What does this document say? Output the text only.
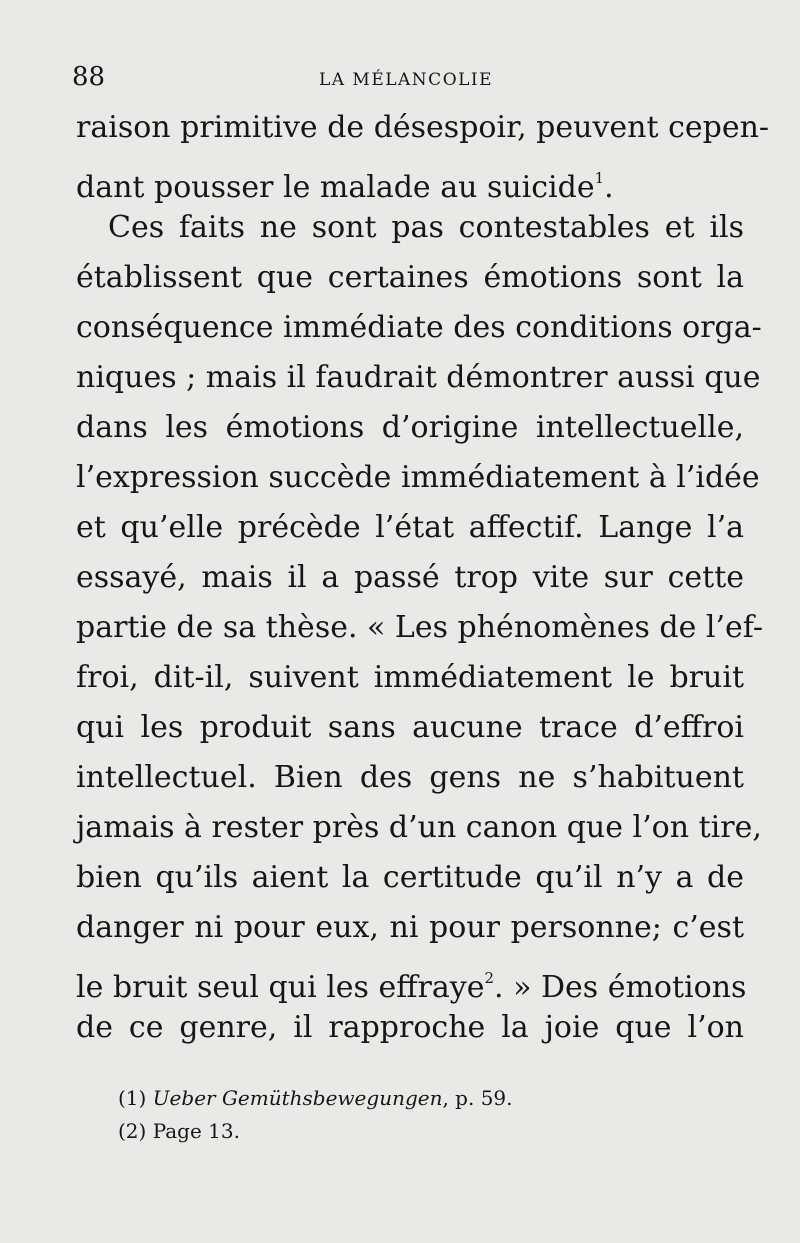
88	LA MÉLANCOLIE
raison primitive de désespoir, peuvent cepen-
dant pousser le malade au suicide$^1$.
Ces faits ne sont pas contestables et ils
établissent que certaines émotions sont la
conséquence immédiate des conditions orga-
niques ; mais il faudrait démontrer aussi que
dans les émotions d’origine intellectuelle,
l’expression succède immédiatement à l’idée
et qu’elle précède l’état affectif. Lange l’a
essayé, mais il a passé trop vite sur cette
partie de sa thèse. « Les phénomènes de l’ef-
froi, dit-il, suivent immédiatement le bruit
qui les produit sans aucune trace d’effroi
intellectuel. Bien des gens ne s’habituent
jamais à rester près d’un canon que l’on tire,
bien qu’ils aient la certitude qu’il n’y a de
danger ni pour eux, ni pour personne; c’est
le bruit seul qui les effraye$^2$. » Des émotions
de ce genre, il rapproche la joie que l’on
(1) Ueber Gemüthsbewegungen, p. 59.
(2) Page 13.
